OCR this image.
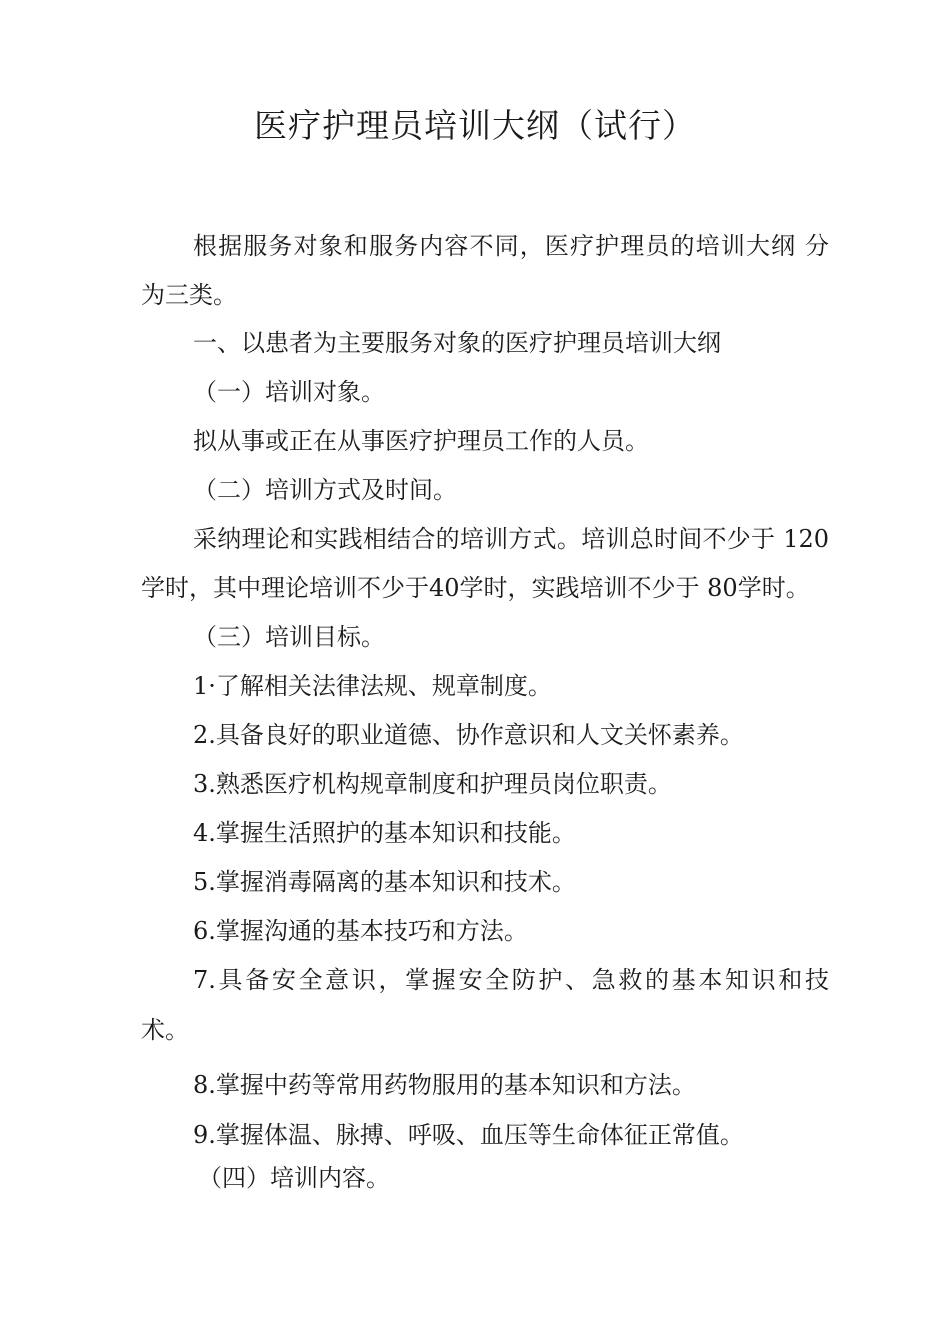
医疗护理员培训大纲（试行）
根据服务对象和服务内容不同，医疗护理员的培训大纲 分
为三类。
一、以患者为主要服务对象的医疗护理员培训大纲
（一）培训对象。
拟从事或正在从事医疗护理员工作的人员。
（二）培训方式及时间。
采纳理论和实践相结合的培训方式。培训总时间不少于 120
学时，其中理论培训不少于40学时，实践培训不少于 80学时。
（三）培训目标。
1·了解相关法律法规、规章制度。
2.具备良好的职业道德、协作意识和人文关怀素养。
3.熟悉医疗机构规章制度和护理员岗位职责。
4.掌握生活照护的基本知识和技能。
5.掌握消毒隔离的基本知识和技术。
6.掌握沟通的基本技巧和方法。
7.具备安全意识，掌握安全防护、急救的基本知识和技
术。
8.掌握中药等常用药物服用的基本知识和方法。
9.掌握体温、脉搏、呼吸、血压等生命体征正常值。
（四）培训内容。
